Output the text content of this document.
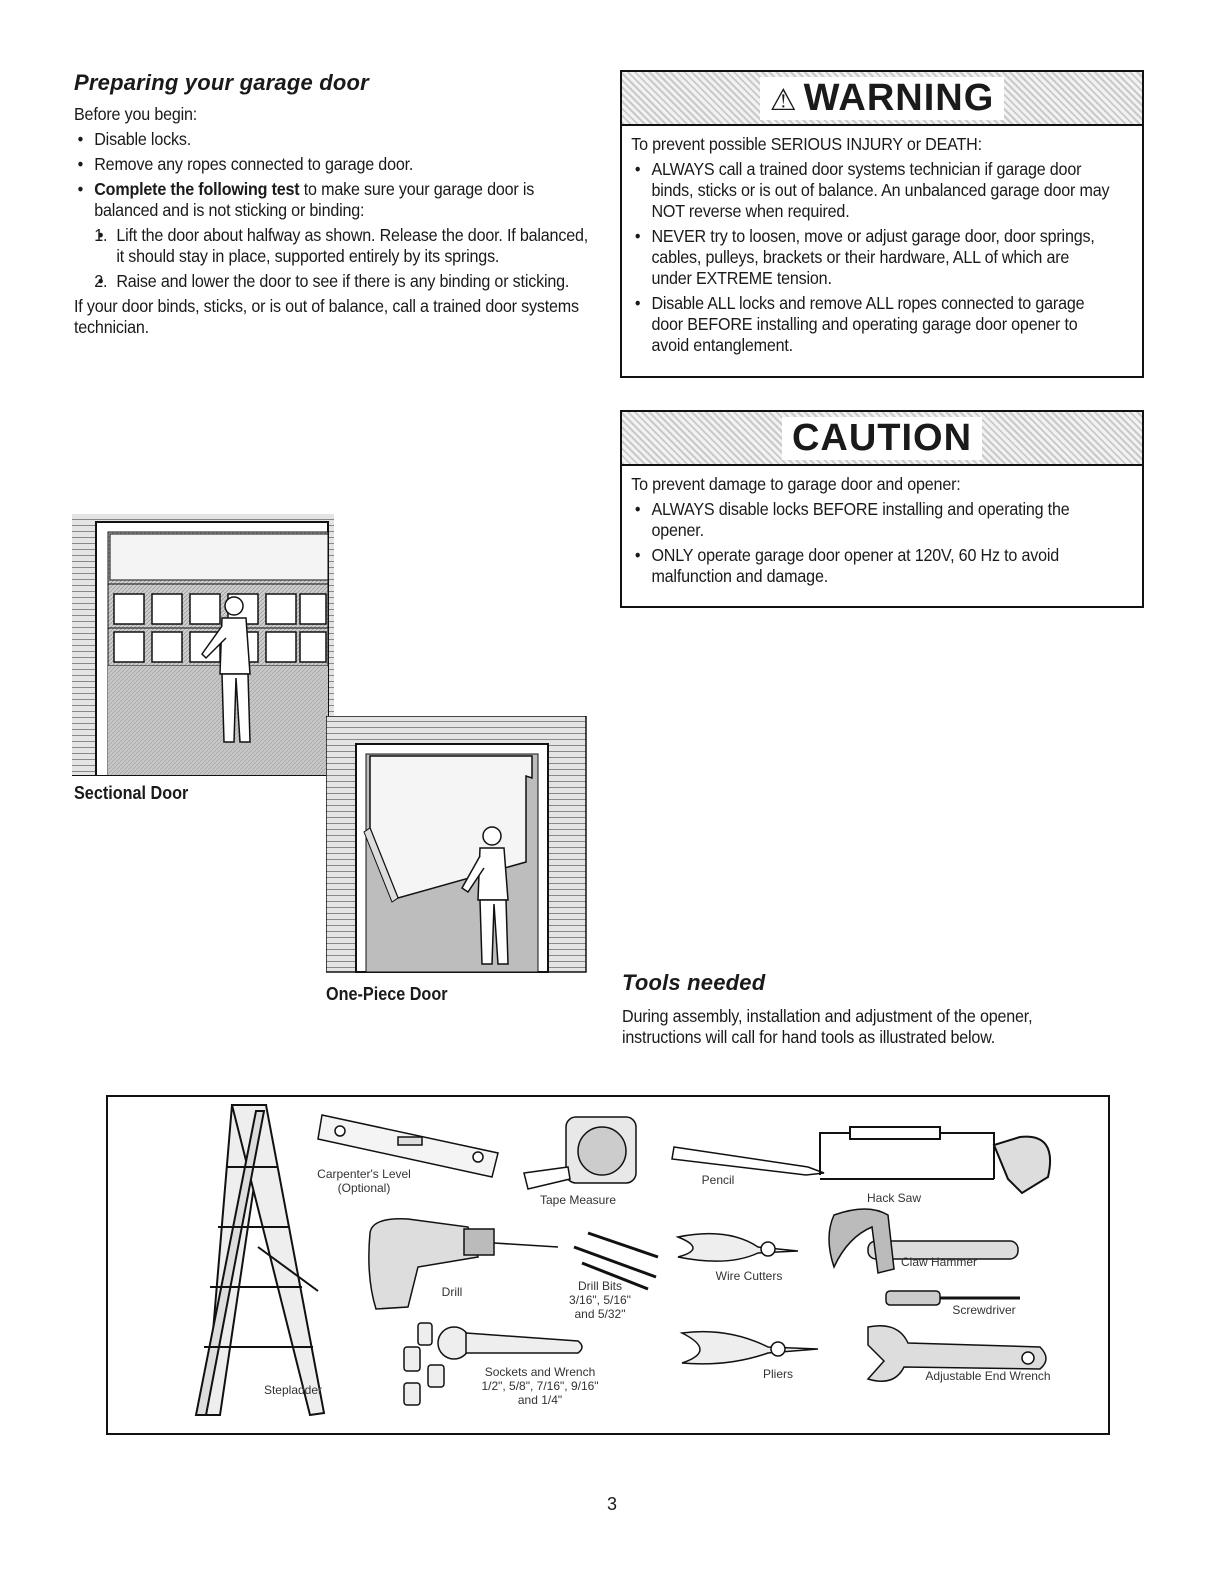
Preparing your garage door
Before you begin:
• Disable locks.
• Remove any ropes connected to garage door.
• Complete the following test to make sure your garage door is balanced and is not sticking or binding:
• 1. Lift the door about halfway as shown. Release the door. If balanced, it should stay in place, supported entirely by its springs.
• 2. Raise and lower the door to see if there is any binding or sticking.
If your door binds, sticks, or is out of balance, call a trained door systems technician.
Sectional Door
One-Piece Door
⚠ WARNING
To prevent possible SERIOUS INJURY or DEATH:
• ALWAYS call a trained door systems technician if garage door binds, sticks or is out of balance. An unbalanced garage door may NOT reverse when required.
• NEVER try to loosen, move or adjust garage door, door springs, cables, pulleys, brackets or their hardware, ALL of which are under EXTREME tension.
• Disable ALL locks and remove ALL ropes connected to garage door BEFORE installing and operating garage door opener to avoid entanglement.
CAUTION
To prevent damage to garage door and opener:
• ALWAYS disable locks BEFORE installing and operating the opener.
• ONLY operate garage door opener at 120V, 60 Hz to avoid malfunction and damage.
Tools needed
During assembly, installation and adjustment of the opener, instructions will call for hand tools as illustrated below.
Carpenter's Level
(Optional)
Tape Measure
Pencil
Hack Saw
Drill	Drill Bits
3/16", 5/16"
and 5/32"
Wire Cutters
Claw Hammer
Screwdriver
Sockets and Wrench
1/2", 5/8", 7/16", 9/16"
and 1/4"
Pliers	Adjustable End Wrench
Stepladder
3
